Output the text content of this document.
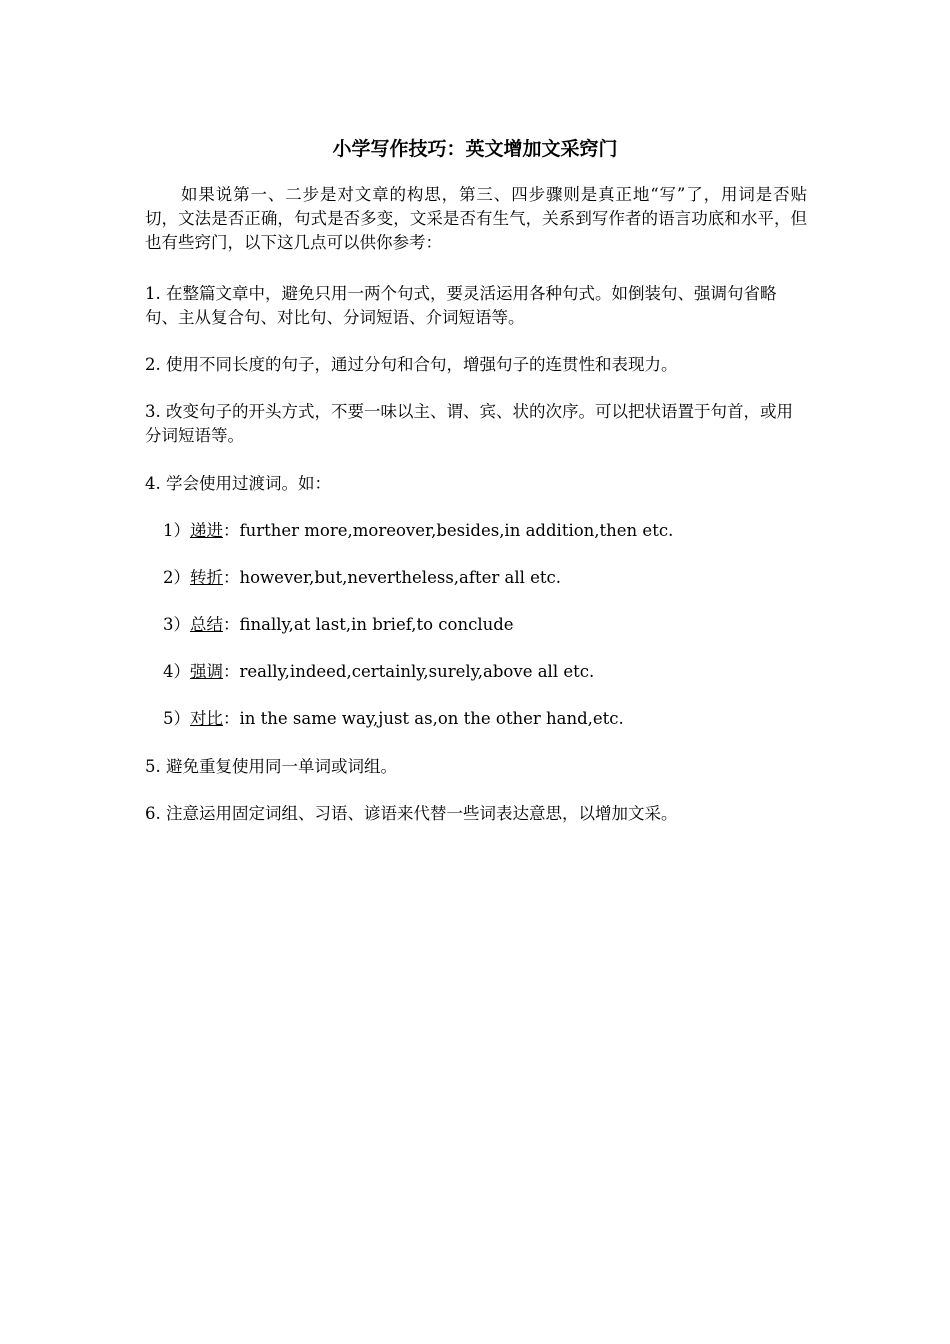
小学写作技巧：英文增加文采窍门
如果说第一、二步是对文章的构思，第三、四步骤则是真正地“写”了，用词是否贴切，文法是否正确，句式是否多变，文采是否有生气，关系到写作者的语言功底和水平，但也有些窍门，以下这几点可以供你参考：
1. 在整篇文章中，避免只用一两个句式，要灵活运用各种句式。如倒装句、强调句省略句、主从复合句、对比句、分词短语、介词短语等。
2. 使用不同长度的句子，通过分句和合句，增强句子的连贯性和表现力。
3. 改变句子的开头方式，不要一味以主、谓、宾、状的次序。可以把状语置于句首，或用分词短语等。
4. 学会使用过渡词。如：
1）递进：further more,moreover,besides,in addition,then etc.
2）转折：however,but,nevertheless,after all etc.
3）总结：finally,at last,in brief,to conclude
4）强调：really,indeed,certainly,surely,above all etc.
5）对比：in the same way,just as,on the other hand,etc.
5. 避免重复使用同一单词或词组。
6. 注意运用固定词组、习语、谚语来代替一些词表达意思，以增加文采。
